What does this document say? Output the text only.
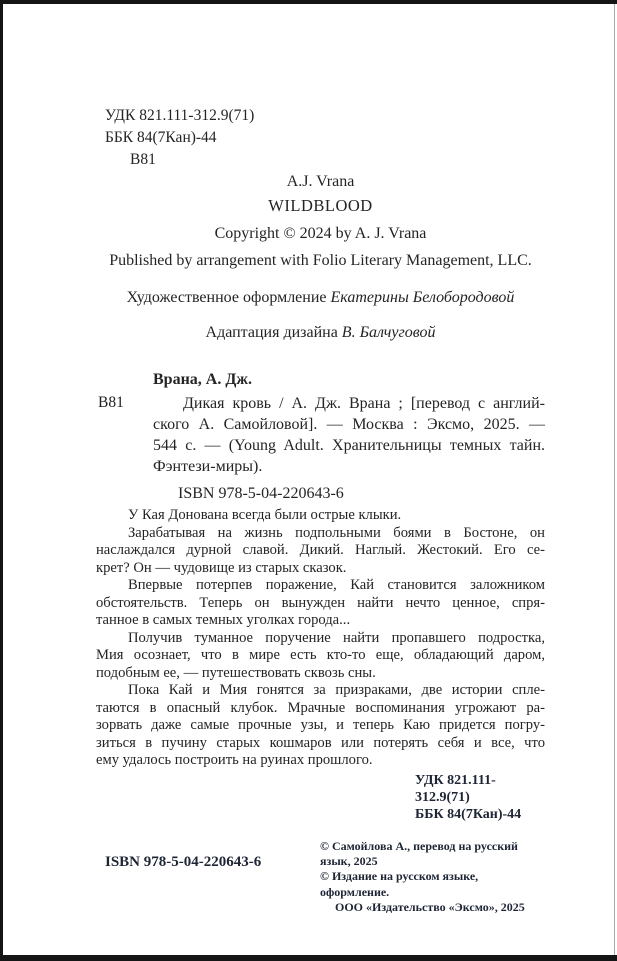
УДК 821.111-312.9(71)
ББК 84(7Кан)-44
В81
A.J. Vrana
WILDBLOOD
Copyright © 2024 by A. J. Vrana
Published by arrangement with Folio Literary Management, LLC.
Художественное оформление Екатерины Белобородовой
Адаптация дизайна В. Балчуговой
Врана, А. Дж.
В81	Дикая кровь / А. Дж. Врана ; [перевод с англий-
ского А. Самойловой]. — Москва : Эксмо, 2025. —
544 с. — (Young Adult. Хранительницы темных тайн.
Фэнтези-миры).
ISBN 978-5-04-220643-6
У Кая Донована всегда были острые клыки.
Зарабатывая на жизнь подпольными боями в Бостоне, он
наслаждался дурной славой. Дикий. Наглый. Жестокий. Его се-
крет? Он — чудовище из старых сказок.
Впервые потерпев поражение, Кай становится заложником
обстоятельств. Теперь он вынужден найти нечто ценное, спря-
танное в самых темных уголках города...
Получив туманное поручение найти пропавшего подростка,
Мия осознает, что в мире есть кто-то еще, обладающий даром,
подобным ее, — путешествовать сквозь сны.
Пока Кай и Мия гонятся за призраками, две истории спле-
таются в опасный клубок. Мрачные воспоминания угрожают ра-
зорвать даже самые прочные узы, и теперь Каю придется погру-
зиться в пучину старых кошмаров или потерять себя и все, что
ему удалось построить на руинах прошлого.
УДК 821.111-312.9(71)
ББК 84(7Кан)-44
ISBN 978-5-04-220643-6
© Самойлова А., перевод на русский язык, 2025
© Издание на русском языке, оформление.
ООО «Издательство «Эксмо», 2025
